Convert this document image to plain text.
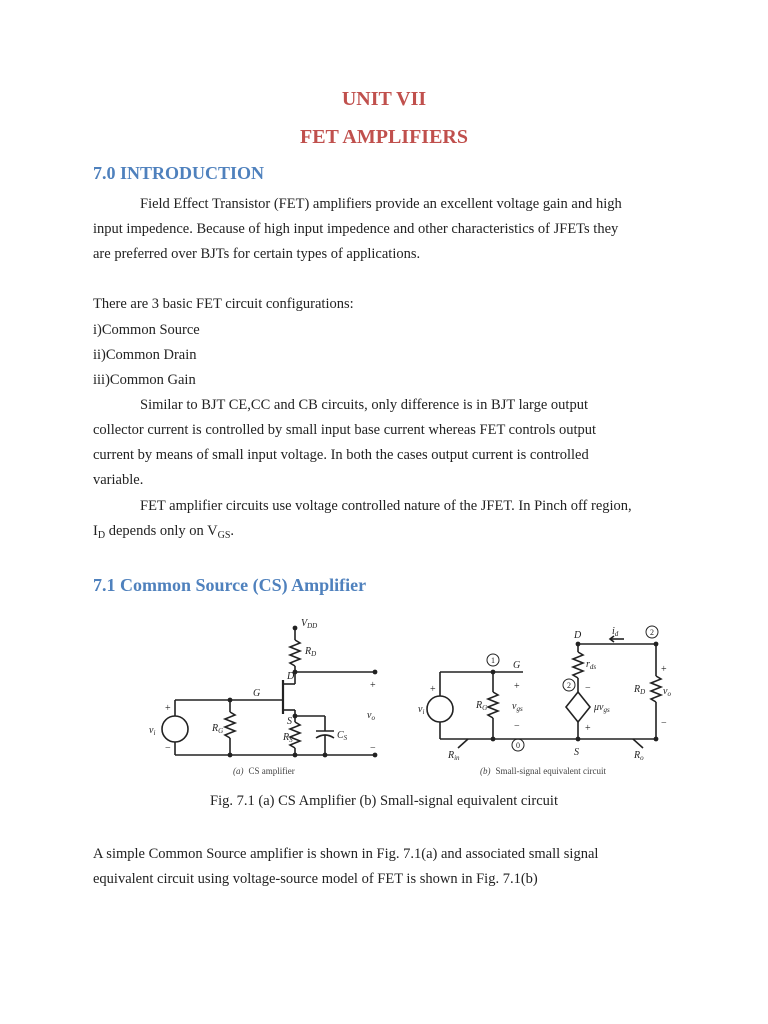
UNIT VII
FET AMPLIFIERS
7.0 INTRODUCTION

Field Effect Transistor (FET) amplifiers provide an excellent voltage gain and high

input impedence. Because of high input impedence and other characteristics of JFETs they

are preferred over BJTs for certain types of applications.

There are 3 basic FET circuit configurations:

i)Common Source

ii)Common Drain

iii)Common Gain

Similar to BJT CE,CC and CB circuits, only difference is in BJT large output

collector current is controlled by small input base current whereas FET controls output

current by means of small input voltage. In both the cases output current is controlled

variable.

FET amplifier circuits use voltage controlled nature of the JFET. In Pinch off region,

$I_D$ depends only on $V_{GS}$.

7.1 Common Source (CS) Amplifier
$V_{DD}$
$R_D$
D
G
S
$R_G$
$R_S$	$C_S$
$v_i$
$v_o$
+
−
+
−
(a) CS amplifier
1
0
2
2
G
D
S
$i_d$
$r_{ds}$
$R_G$
$R_D$
$v_{gs}$	$\mu v_{gs}$
$v_i$
$v_o$
$R_{in}$	$R_o$
+	+
−
−
+
+
−
(b) Small-signal equivalent circuit

Fig. 7.1 (a) CS Amplifier (b) Small-signal equivalent circuit

A simple Common Source amplifier is shown in Fig. 7.1(a) and associated small signal

equivalent circuit using voltage-source model of FET is shown in Fig. 7.1(b)
